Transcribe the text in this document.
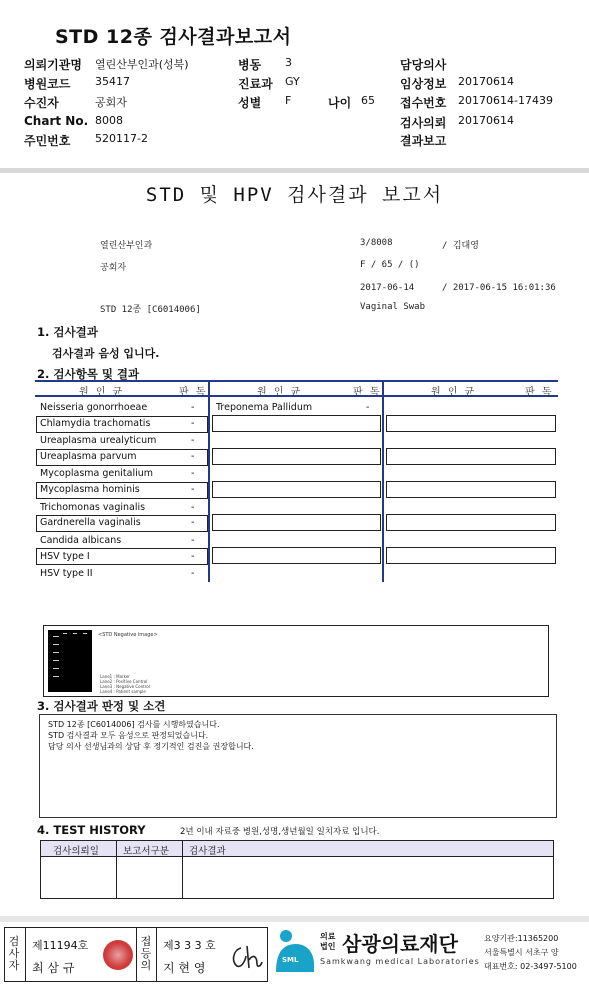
STD 12종 검사결과보고서
의뢰기관명 열린산부인과(성북)
병원코드 35417
수진자	공회자
Chart No. 8008
주민번호 520117-2
병동 3
진료과 GY
성별 F	나이 65
담당의사
임상정보 20170614
접수번호 20170614-17439
검사의뢰 20170614
결과보고
STD 및 HPV 검사결과 보고서
열린산부인과	3/8008	/ 김대영
공회자	F / 65 / ()
2017-06-14	/ 2017-06-15 16:01:36
STD 12종 [C6014006]	Vaginal Swab
1. 검사결과
검사결과 음성 입니다.
2. 검사항목 및 결과
원 인 균	판 독	원 인 균	판 독	원 인 균	판 독
Neisseria gonorrhoeae	-
Chlamydia trachomatis	-
Ureaplasma urealyticum	-
Ureaplasma parvum	-
Mycoplasma genitalium	-
Mycoplasma hominis	-
Trichomonas vaginalis	-
Gardnerella vaginalis	-
Candida albicans	-
HSV type I	-
HSV type II	-
Treponema Pallidum	-
<STD Negative image>
Lane1 : Marker
Lane2 : Positive Control
Lane3 : Negative Control
Lane4 : Patient sample
3. 검사결과 판정 및 소견
STD 12종 [C6014006] 검사를 시행하였습니다.
STD 검사결과 모두 음성으로 판정되었습니다.
담당 의사 선생님과의 상담 후 정기적인 검진을 권장합니다.
4. TEST HISTORY	2년 이내 자료중 병원,성명,생년월일 일치자료 입니다.
검사의뢰일	보고서구분 검사결과
검사자
제11194호
최 삼 규
접등의
제3 3 3 호
지 현 영
SML
의료법인 삼광의료재단
Samkwang medical Laboratories
요양기관:11365200
서울특별시 서초구 양
대표번호: 02-3497-5100
